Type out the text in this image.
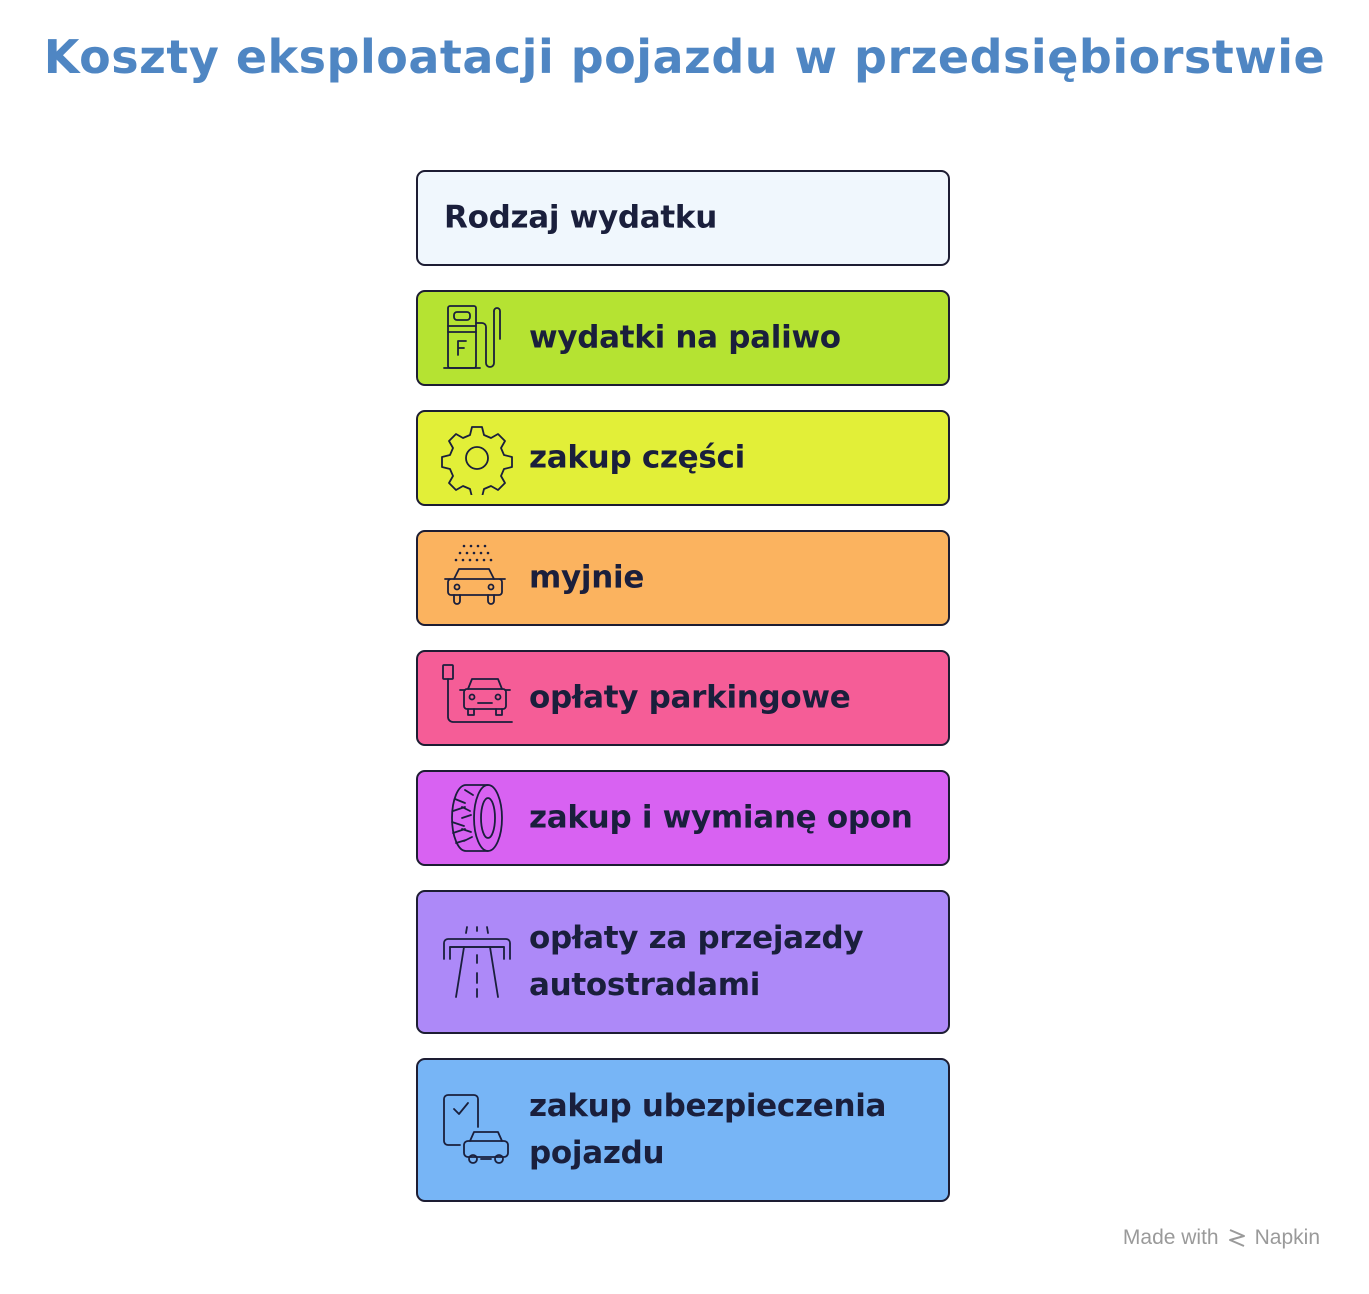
Koszty eksploatacji pojazdu w przedsiębiorstwie
Rodzaj wydatku
wydatki na paliwo
zakup części
myjnie
opłaty parkingowe
zakup i wymianę opon
opłaty za przejazdy autostradami
zakup ubezpieczenia pojazdu
Made with Napkin
